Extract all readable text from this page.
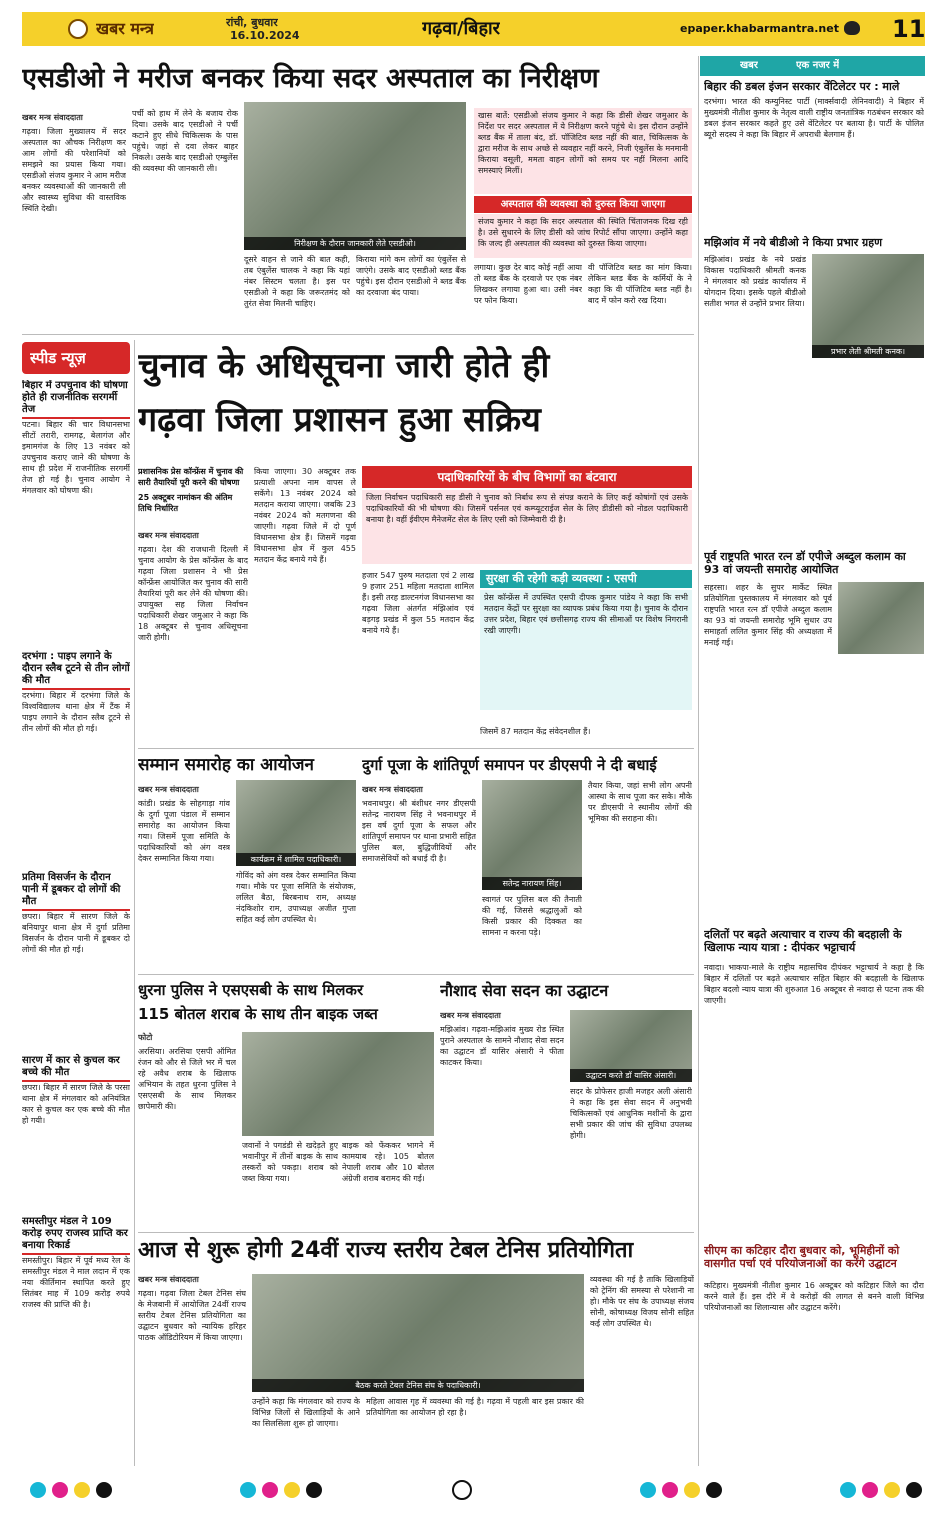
खबर मन्त्र	रांची, बुधवार
16.10.2024	गढ़वा/बिहार	epaper.khabarmantra.net 11
एसडीओ ने मरीज बनकर किया सदर अस्पताल का निरीक्षण
खबर मन्त्र संवाददाता
गढ़वा। जिला मुख्यालय में सदर अस्पताल का औचक निरीक्षण कर आम लोगों की परेशानियों को समझने का प्रयास किया गया। एसडीओ संजय कुमार ने आम मरीज बनकर व्यवस्थाओं की जानकारी ली और स्वास्थ्य सुविधा की वास्तविक स्थिति देखी।
पर्ची को हाथ में लेने के बजाय रोक दिया। उसके बाद एसडीओ ने पर्ची कटाने हुए सीधे चिकित्सक के पास पहुंचे। जहां से दवा लेकर बाहर निकले। उसके बाद एसडीओ एम्बुलेंस की व्यवस्था की जानकारी ली।
निरीक्षण के दौरान जानकारी लेते एसडीओ।
दूसरे वाहन से जाने की बात कही, तब एंबुलेंस चालक ने कहा कि यहां नंबर सिस्टम चलता है। इस पर एसडीओ ने कहा कि जरूरतमंद को तुरंत सेवा मिलनी चाहिए।
किराया मांगे कम लोगों का एंबुलेंस से जाएंगे। उसके बाद एसडीओ ब्लड बैंक पहुंचे। इस दौरान एसडीओ ने ब्लड बैंक का दरवाजा बंद पाया।
खास बातें: एसडीओ संजय कुमार ने कहा कि डीसी शेखर जमुआर के निर्देश पर सदर अस्पताल में ये निरीक्षण करने पहुंचे थे। इस दौरान उन्होंने ब्लड बैंक में ताला बंद, डॉ. पॉजिटिव ब्लड नहीं की बात, चिकित्सक के द्वारा मरीज के साथ अच्छे से व्यवहार नहीं करने, निजी एंबुलेंस के मनमानी किराया वसूली, ममता वाहन लोगों को समय पर नहीं मिलना आदि समस्याएं मिलीं।
अस्पताल की व्यवस्था को दुरुस्त किया जाएगा
संजय कुमार ने कहा कि सदर अस्पताल की स्थिति चिंताजनक दिख रही है। उसे सुधारने के लिए डीसी को जांच रिपोर्ट सौंपा जाएगा। उन्होंने कहा कि जल्द ही अस्पताल की व्यवस्था को दुरुस्त किया जाएगा।
लगाया। कुछ देर बाद कोई नहीं आया तो ब्लड बैंक के दरवाजे पर एक नंबर लिखकर लगाया हुआ था। उसी नंबर पर फोन किया।
वी पॉजिटिव ब्लड का मांग किया। लेकिन ब्लड बैंक के कर्मियों के ने कहा कि वी पॉजिटिव ब्लड नहीं है। बाद में फोन करो रख दिया।
स्पीड न्यूज़
बिहार में उपचुनाव की घोषणा होते ही राजनीतिक सरगर्मी तेज
पटना। बिहार की चार विधानसभा सीटों तरारी, रामगढ़, बेलागंज और इमामगंज के लिए 13 नवंबर को उपचुनाव कराए जाने की घोषणा के साथ ही प्रदेश में राजनीतिक सरगर्मी तेज हो गई है। चुनाव आयोग ने मंगलवार को घोषणा की।
दरभंगा : पाइप लगाने के दौरान स्लैब टूटने से तीन लोगों की मौत
दरभंगा। बिहार में दरभंगा जिले के विश्वविद्यालय थाना क्षेत्र में टैंक में पाइप लगाने के दौरान स्लैब टूटने से तीन लोगों की मौत हो गई।
प्रतिमा विसर्जन के दौरान पानी में डूबकर दो लोगों की मौत
छपरा। बिहार में सारण जिले के बनियापुर थाना क्षेत्र में दुर्गा प्रतिमा विसर्जन के दौरान पानी में डूबकर दो लोगों की मौत हो गई।
सारण में कार से कुचल कर बच्चे की मौत
छपरा। बिहार में सारण जिले के परसा थाना क्षेत्र में मंगलवार को अनियंत्रित कार से कुचल कर एक बच्चे की मौत हो गयी।
समस्तीपुर मंडल ने 109 करोड़ रुपए राजस्व प्राप्ति कर बनाया रिकार्ड
समस्तीपुर। बिहार में पूर्व मध्य रेल के समस्तीपुर मंडल ने माल लदान में एक नया कीर्तिमान स्थापित करते हुए सितंबर माह में 109 करोड़ रुपये राजस्व की प्राप्ति की है।
चुनाव के अधिसूचना जारी होते ही
गढ़वा जिला प्रशासन हुआ सक्रिय
प्रशासनिक प्रेस कॉन्फ्रेंस में चुनाव की सारी तैयारियों पूरी करने की घोषणा
25 अक्टूबर नामांकन की अंतिम तिथि निर्धारित
खबर मन्त्र संवाददाता
गढ़वा। देश की राजधानी दिल्ली में चुनाव आयोग के प्रेस कॉन्फ्रेंस के बाद गढ़वा जिला प्रशासन ने भी प्रेस कॉन्फ्रेंस आयोजित कर चुनाव की सारी तैयारियां पूरी कर लेने की घोषणा की। उपायुक्त सह जिला निर्वाचन पदाधिकारी शेखर जमुआर ने कहा कि 18 अक्टूबर से चुनाव अधिसूचना जारी होगी।
किया जाएगा। 30 अक्टूबर तक प्रत्याशी अपना नाम वापस ले सकेंगे। 13 नवंबर 2024 को मतदान कराया जाएगा। जबकि 23 नवंबर 2024 को मतगणना की जाएगी। गढ़वा जिले में दो पूर्ण विधानसभा क्षेत्र हैं। जिसमें गढ़वा विधानसभा क्षेत्र में कुल 455 मतदान केंद्र बनाये गये हैं।
पदाधिकारियों के बीच विभागों का बंटवारा
जिला निर्वाचन पदाधिकारी सह डीसी ने चुनाव को निर्बाध रूप से संपन्न कराने के लिए कई कोषांगों एवं उसके पदाधिकारियों की भी घोषणा की। जिसमें पर्सनल एवं कम्प्यूटराईज सेल के लिए डीडीसी को नोडल पदाधिकारी बनाया है। वहीं ईवीएम मैनेजमेंट सेल के लिए एसी को जिम्मेवारी दी है।
हजार 547 पुरुष मतदाता एवं 2 लाख 9 हजार 251 महिला मतदाता शामिल हैं। इसी तरह डाल्टनगंज विधानसभा का गढ़वा जिला अंतर्गत मंझिआंव एवं बड़गड़ प्रखंड में कुल 55 मतदान केंद्र बनाये गये हैं।
सुरक्षा की रहेगी कड़ी व्यवस्था : एसपी
प्रेस कॉन्फ्रेंस में उपस्थित एसपी दीपक कुमार पांडेय ने कहा कि सभी मतदान केंद्रों पर सुरक्षा का व्यापक प्रबंध किया गया है। चुनाव के दौरान उत्तर प्रदेश, बिहार एवं छत्तीसगढ़ राज्य की सीमाओं पर विशेष निगरानी रखी जाएगी।
जिसमें 87 मतदान केंद्र संवेदनशील हैं।
सम्मान समारोह का आयोजन
खबर मन्त्र संवाददाता
कांडी। प्रखंड के सोहगाड़ा गांव के दुर्गा पूजा पंडाल में सम्मान समारोह का आयोजन किया गया। जिसमें पूजा समिति के पदाधिकारियों को अंग वस्त्र देकर सम्मानित किया गया।	कार्यक्रम में शामिल पदाधिकारी।
गोविंद को अंग वस्त्र देकर सम्मानित किया गया। मौके पर पूजा समिति के संयोजक, ललित बैठा, बिरबनाथ राम, अध्यक्ष नंदकिशोर राम, उपाध्यक्ष अजीत गुप्ता सहित कई लोग उपस्थित थे।
दुर्गा पूजा के शांतिपूर्ण समापन पर डीएसपी ने दी बधाई
खबर मन्त्र संवाददाता
भवनाथपुर। श्री बंशीधर नगर डीएसपी सतेन्द्र नारायण सिंह ने भवनाथपुर में इस वर्ष दुर्गा पूजा के सफल और शांतिपूर्ण समापन पर थाना प्रभारी सहित पुलिस बल, बुद्धिजीवियों और समाजसेवियों को बधाई दी है।
सतेन्द्र नारायण सिंह।
स्वागतं पर पुलिस बल की तैनाती की गई, जिससे श्रद्धालुओं को किसी प्रकार की दिक्कत का सामना न करना पड़े।
तैयार किया, जहां सभी लोग अपनी आस्था के साथ पूजा कर सके। मौके पर डीएसपी ने स्थानीय लोगों की भूमिका की सराहना की।
धुरना पुलिस ने एसएसबी के साथ मिलकर
115 बोतल शराब के साथ तीन बाइक जब्त
फोटो
अरसिया। अरसिया एसपी ऑमित रंजन को और से जिले भर में चल रहे अवैध शराब के खिलाफ अभियान के तहत धुरना पुलिस ने एसएसबी के साथ मिलकर छापेमारी की।
जवानों ने पगडंडी से खदेड़ते हुए भवानीपुर में तीनों बाइक के साथ तस्करों को पकड़ा। शराब को जब्त किया गया।
बाइक को फेंककर भागने में कामयाब रहे। 105 बोतल नेपाली शराब और 10 बोतल अंग्रेजी शराब बरामद की गई।
नौशाद सेवा सदन का उद्घाटन
खबर मन्त्र संवाददाता
मझिआंव। गढ़वा-मझिआंव मुख्य रोड स्थित पुराने अस्पताल के सामने नौशाद सेवा सदन का उद्घाटन डॉ यासिर अंसारी ने फीता काटकर किया।
उद्घाटन करते डॉ यासिर अंसारी।
सदर के प्रोफेसर हाजी मजहर अली अंसारी ने कहा कि इस सेवा सदन में अनुभवी चिकित्सकों एवं आधुनिक मशीनों के द्वारा सभी प्रकार की जांच की सुविधा उपलब्ध होगी।
आज से शुरू होगी 24वीं राज्य स्तरीय टेबल टेनिस प्रतियोगिता
खबर मन्त्र संवाददाता
गढ़वा। गढ़वा जिला टेबल टेनिस संघ के मेजबानी में आयोजित 24वीं राज्य स्तरीय टेबल टेनिस प्रतियोगिता का उद्घाटन बुधवार को न्यायिक हरिहर पाठक ऑडिटोरियम में किया जाएगा।
बैठक करते टेबल टेनिस संघ के पदाधिकारी।
उन्होंने कहा कि मंगलवार को राज्य के विभिन्न जिलों से खिलाड़ियों के आने का सिलसिला शुरू हो जाएगा।
महिला आवास गृह में व्यवस्था की गई है। गढ़वा में पहली बार इस प्रकार की प्रतियोगिता का आयोजन हो रहा है।
व्यवस्था की गई है ताकि खिलाड़ियों को ट्रेनिंग की समस्या से परेशानी ना हो। मौके पर संघ के उपाध्यक्ष संजय सोनी, कोषाध्यक्ष विजय सोनी सहित कई लोग उपस्थित थे।
खबर	एक नजर में
बिहार की डबल इंजन सरकार वेंटिलेटर पर : माले
दरभंगा। भारत की कम्युनिस्ट पार्टी (मार्क्सवादी लेनिनवादी) ने बिहार में मुख्यमंत्री नीतीश कुमार के नेतृत्व वाली राष्ट्रीय जनतांत्रिक गठबंधन सरकार को डबल इंजन सरकार कहते हुए उसे वेंटिलेटर पर बताया है। पार्टी के पोलित ब्यूरो सदस्य ने कहा कि बिहार में अपराधी बेलगाम हैं।
मझिआंव में नये बीडीओ ने किया प्रभार ग्रहण
मझिआंव। प्रखंड के नये प्रखंड विकास पदाधिकारी श्रीमती कनक ने मंगलवार को प्रखंड कार्यालय में योगदान दिया। इसके पहले बीडीओ सतीश भगत से उन्होंने प्रभार लिया।
प्रभार लेती श्रीमती कनक।
पूर्व राष्ट्रपति भारत रत्न डॉ एपीजे अब्दुल कलाम का 93 वां जयन्ती समारोह आयोजित
सहरसा। शहर के सुपर मार्केट स्थित प्रतियोगिता पुस्तकालय में मंगलवार को पूर्व राष्ट्रपति भारत रत्न डॉ एपीजे अब्दुल कलाम का 93 वां जयन्ती समारोह भूमि सुधार उप समाहर्ता ललित कुमार सिंह की अध्यक्षता में मनाई गई।
दलितों पर बढ़ते अत्याचार व राज्य की बदहाली के खिलाफ न्याय यात्रा : दीपंकर भट्टाचार्य
नवादा। भाकपा-माले के राष्ट्रीय महासचिव दीपंकर भट्टाचार्य ने कहा है कि बिहार में दलितों पर बढ़ते अत्याचार सहित बिहार की बदहाली के खिलाफ बिहार बदलो न्याय यात्रा की शुरुआत 16 अक्टूबर से नवादा से पटना तक की जाएगी।
सीएम का कटिहार दौरा बुधवार को, भूमिहीनों को वासगीत पर्चा एवं परियोजनाओं का करेंगे उद्घाटन
कटिहार। मुख्यमंत्री नीतीश कुमार 16 अक्टूबर को कटिहार जिले का दौरा करने वाले हैं। इस दौरे में वे करोड़ों की लागत से बनने वाली विभिन्न परियोजनाओं का शिलान्यास और उद्घाटन करेंगे।
